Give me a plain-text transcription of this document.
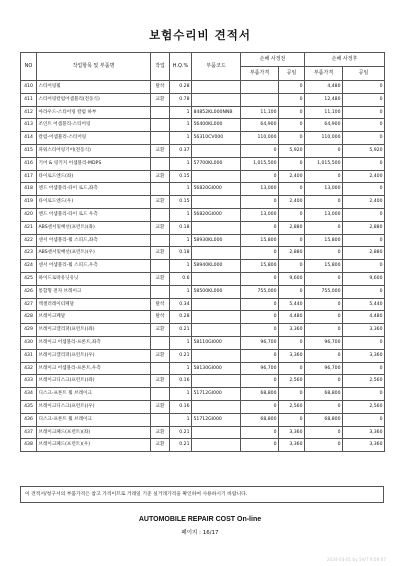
보험수리비 견적서
NO	작업항목 및 부품명	작업	H.Q.%	부품코드	손해 사정전		손해 사정후	
					부품가격	공임	부품가격	공임
410	스티어링휠	탈착	0.28			0	4,480	0
411	스티어링칼럼어셈블리(전동식)	교환	0.78			0	12,480	0
412	아라우드-스티어링 칼럼 하부		1	84852KL000NNB	11,100	0	11,100	0
413	조인트 어셈블리-스티어링		1	56400KL000	64,900	0	64,900	0
414	칼럼-어셈블리-스티어링		1	56310CV000	110,000	0	110,000	0
415	파워스티어링기어(전동식)	교환	0.37		0	5,920	0	5,920
416	기어 & 링키지 어셈블리-MDPS		1	57700KL000	1,015,500	0	1,015,500	0
417	타이로드엔드(좌)	교환	0.15		0	2,400	0	2,400
418	엔드 어셈블리-타이 로드,좌측		1	56820GI000	13,000	0	13,000	0
419	타이로드엔드(우)	교환	0.15		0	2,400	0	2,400
420	엔드 어셈블리-타이 로드 우측		1	56820GI000	13,000	0	13,000	0
421	ABS센서및배선(프런트)(좌)	교환	0.18		0	2,880	0	2,880
422	센서 어셈블리-휠 스피드,좌측		1	58930KL000	15,800	0	15,800	0
423	ABS센서및배선(프런트)(우)	교환	0.18		0	2,880	0	2,880
424	센서 어셈블리-휠 스피드,우측		1	58940KL000	15,800	0	15,800	0
425	하이드로락유닛유닛	교환	0.6		0	9,600	0	9,600
426	통합형 전자 브레이크		1	58500KL000	755,000	0	755,000	0
427	액셀러레이터페달	탈착	0.34		0	5,440	0	5,440
428	브레이크페달	탈착	0.28		0	4,480	0	4,480
429	브레이크캘리퍼(프런트)(좌)	교환	0.21		0	3,360	0	3,360
430	브레이크 어셈블리-프론트,좌측		1	58110GI000	96,700	0	96,700	0
431	브레이크캘리퍼(프런트)(우)	교환	0.21		0	3,360	0	3,360
432	브레이크 어셈블리-프론트,우측		1	58130GI000	96,700	0	96,700	0
433	브레이크디스크(프런트)(좌)	교환	0.16		0	2,560	0	2,560
434	디스크-프론트 휠 브레이크		1	51712GI000	68,800	0	68,800	0
435	브레이크디스크(프런트)(우)	교환	0.16		0	2,560	0	2,560
436	디스크-프론트 휠 브레이크		1	51712GI000	68,800	0	68,800	0
437	브레이크패드(프런트)(좌)	교환	0.21		0	3,360	0	3,360
438	브레이크패드(프런트)(우)	교환	0.21		0	3,360	0	3,360
이 견적서/청구서의 부품가격은 참고 가격이므로 거래일 기준 실거래가격을 확인하여 사용하시기 바랍니다.
AUTOMOBILE REPAIR COST On-line
페이지 : 16/17
2024-03-01 by 5A/T 9:59:07
